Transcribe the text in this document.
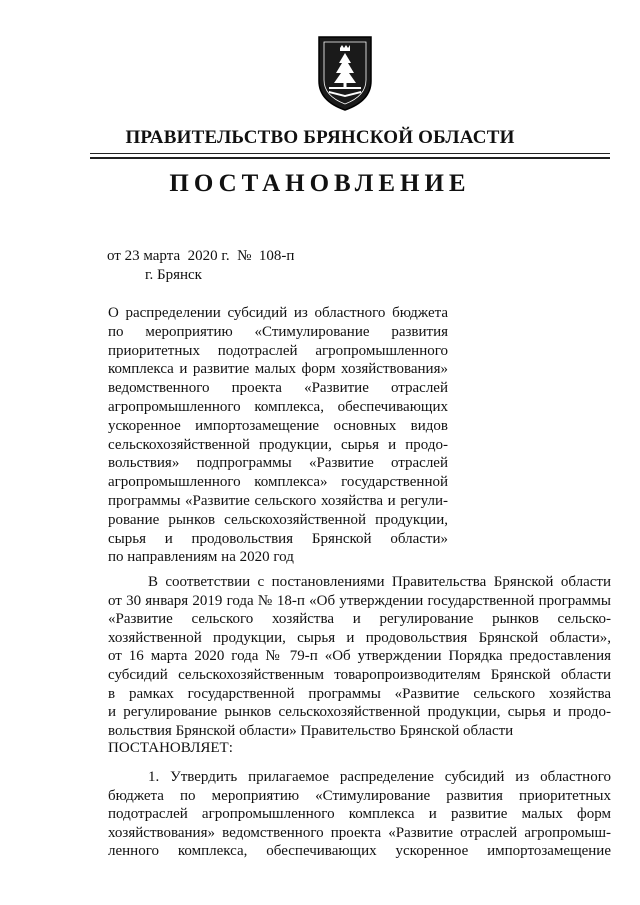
ПРАВИТЕЛЬСТВО БРЯНСКОЙ ОБЛАСТИ
ПОСТАНОВЛЕНИЕ
от 23 марта  2020 г.  №  108-п
г. Брянск
О распределении субсидий из областного бюджета
по мероприятию «Стимулирование развития
приоритетных подотраслей агропромышленного
комплекса и развитие малых форм хозяйствования»
ведомственного проекта «Развитие отраслей
агропромышленного комплекса, обеспечивающих
ускоренное импортозамещение основных видов
сельскохозяйственной продукции, сырья и продо-
вольствия» подпрограммы «Развитие отраслей
агропромышленного комплекса» государственной
программы «Развитие сельского хозяйства и регули-
рование рынков сельскохозяйственной продукции,
сырья и продовольствия Брянской области»
по направлениям на 2020 год
В соответствии с постановлениями Правительства Брянской области
от 30 января 2019 года № 18-п «Об утверждении государственной программы
«Развитие сельского хозяйства и регулирование рынков сельско-
хозяйственной продукции, сырья и продовольствия Брянской области»,
от 16 марта 2020 года № 79-п «Об утверждении Порядка предоставления
субсидий сельскохозяйственным товаропроизводителям Брянской области
в рамках государственной программы «Развитие сельского хозяйства
и регулирование рынков сельскохозяйственной продукции, сырья и продо-
вольствия Брянской области» Правительство Брянской области
ПОСТАНОВЛЯЕТ:
1. Утвердить прилагаемое распределение субсидий из областного
бюджета по мероприятию «Стимулирование развития приоритетных
подотраслей агропромышленного комплекса и развитие малых форм
хозяйствования» ведомственного проекта «Развитие отраслей агропромыш-
ленного комплекса, обеспечивающих ускоренное импортозамещение
